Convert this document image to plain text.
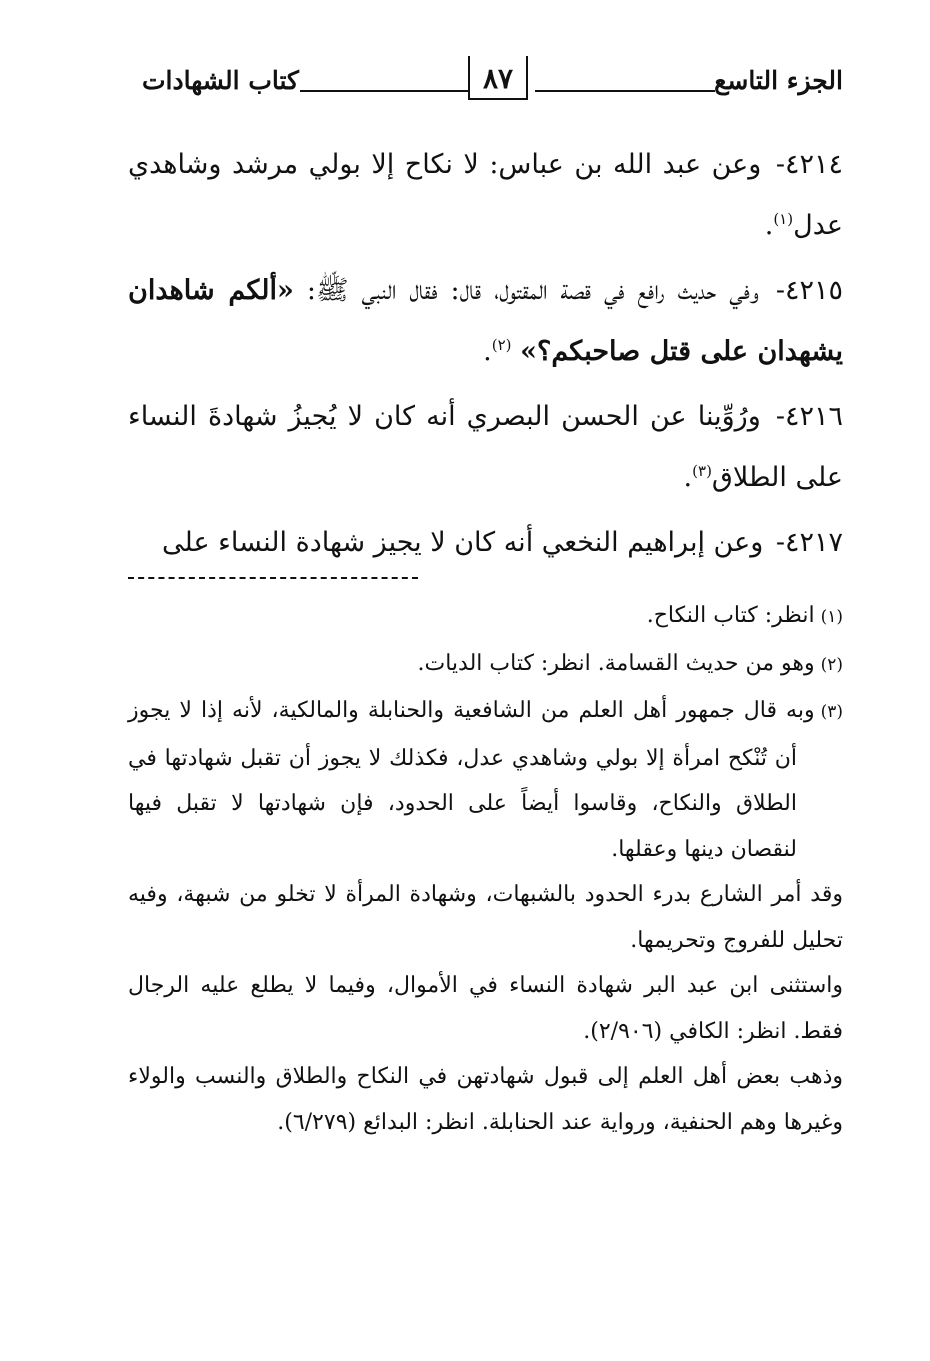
الجزء التاسع
٨٧
كتاب الشهادات

٤٢١٤- وعن عبد الله بن عباس: لا نكاح إلا بولي مرشد وشاهدي عدل$^{(١)}$.

٤٢١٥- وفي حديث رافع في قصة المقتول، قال: فقال النبي ﷺ: «ألكم شاهدان يشهدان على قتل صاحبكم؟» $^{(٢)}$.

٤٢١٦- ورُوِّينا عن الحسن البصري أنه كان لا يُجيزُ شهادةَ النساء على الطلاق$^{(٣)}$.

٤٢١٧- وعن إبراهيم النخعي أنه كان لا يجيز شهادة النساء على

(١)انظر: كتاب النكاح.

(٢)وهو من حديث القسامة. انظر: كتاب الديات.

(٣)وبه قال جمهور أهل العلم من الشافعية والحنابلة والمالكية، لأنه إذا لا يجوز أن تُنْكح امرأة إلا بولي وشاهدي عدل، فكذلك لا يجوز أن تقبل شهادتها في الطلاق والنكاح، وقاسوا أيضاً على الحدود، فإن شهادتها لا تقبل فيها لنقصان دينها وعقلها.

وقد أمر الشارع بدرء الحدود بالشبهات، وشهادة المرأة لا تخلو من شبهة، وفيه تحليل للفروج وتحريمها.

واستثنى ابن عبد البر شهادة النساء في الأموال، وفيما لا يطلع عليه الرجال فقط. انظر: الكافي (٢/٩٠٦).

وذهب بعض أهل العلم إلى قبول شهادتهن في النكاح والطلاق والنسب والولاء وغيرها وهم الحنفية، ورواية عند الحنابلة. انظر: البدائع (٦/٢٧٩).
